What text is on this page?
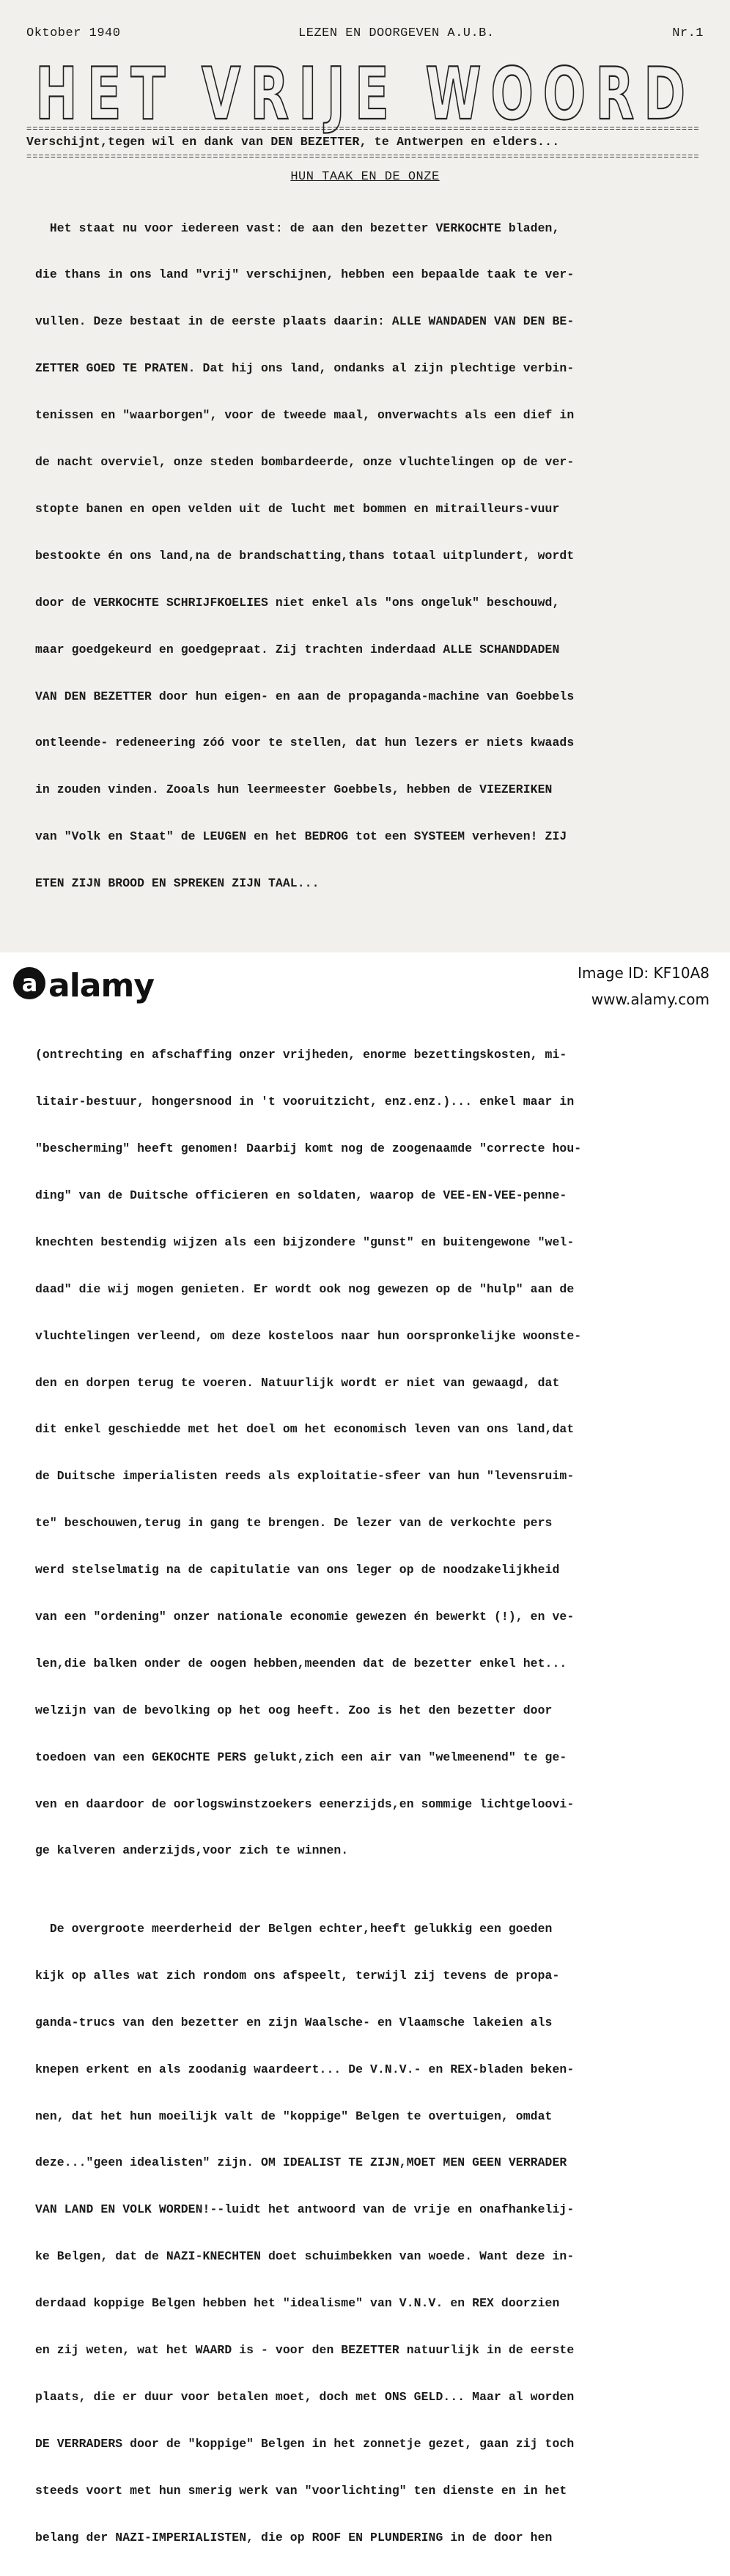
Oktober 1940	LEZEN EN DOORGEVEN A.U.B.	Nr.1
HET VRIJE WOORD
================================================================================================================
Verschijnt,tegen wil en dank van DEN BEZETTER, te Antwerpen en elders...
================================================================================================================
HUN TAAK EN DE ONZE

Het staat nu voor iedereen vast: de aan den bezetter VERKOCHTE bladen,

die thans in ons land "vrij" verschijnen, hebben een bepaalde taak te ver-

vullen. Deze bestaat in de eerste plaats daarin: ALLE WANDADEN VAN DEN BE-

ZETTER GOED TE PRATEN. Dat hij ons land, ondanks al zijn plechtige verbin-

tenissen en "waarborgen", voor de tweede maal, onverwachts als een dief in

de nacht overviel, onze steden bombardeerde, onze vluchtelingen op de ver-

stopte banen en open velden uit de lucht met bommen en mitrailleurs-vuur

bestookte én ons land,na de brandschatting,thans totaal uitplundert, wordt

door de VERKOCHTE SCHRIJFKOELIES niet enkel als "ons ongeluk" beschouwd,

maar goedgekeurd en goedgepraat. Zij trachten inderdaad ALLE SCHANDDADEN

VAN DEN BEZETTER door hun eigen- en aan de propaganda-machine van Goebbels

ontleende- redeneering zóó voor te stellen, dat hun lezers er niets kwaads

in zouden vinden. Zooals hun leermeester Goebbels, hebben de VIEZERIKEN

van "Volk en Staat" de LEUGEN en het BEDROG tot een SYSTEEM verheven! ZIJ

ETEN ZIJN BROOD EN SPREKEN ZIJN TAAL...

(ontrechting en afschaffing onzer vrijheden, enorme bezettingskosten, mi-

litair-bestuur, hongersnood in 't vooruitzicht, enz.enz.)... enkel maar in

"bescherming" heeft genomen! Daarbij komt nog de zoogenaamde "correcte hou-

ding" van de Duitsche officieren en soldaten, waarop de VEE-EN-VEE-penne-

knechten bestendig wijzen als een bijzondere "gunst" en buitengewone "wel-

daad" die wij mogen genieten. Er wordt ook nog gewezen op de "hulp" aan de

vluchtelingen verleend, om deze kosteloos naar hun oorspronkelijke woonste-

den en dorpen terug te voeren. Natuurlijk wordt er niet van gewaagd, dat

dit enkel geschiedde met het doel om het economisch leven van ons land,dat

de Duitsche imperialisten reeds als exploitatie-sfeer van hun "levensruim-

te" beschouwen,terug in gang te brengen. De lezer van de verkochte pers

werd stelselmatig na de capitulatie van ons leger op de noodzakelijkheid

van een "ordening" onzer nationale economie gewezen én bewerkt (!), en ve-

len,die balken onder de oogen hebben,meenden dat de bezetter enkel het...

welzijn van de bevolking op het oog heeft. Zoo is het den bezetter door

toedoen van een GEKOCHTE PERS gelukt,zich een air van "welmeenend" te ge-

ven en daardoor de oorlogswinstzoekers eenerzijds,en sommige lichtgeloovi-

ge kalveren anderzijds,voor zich te winnen.

De overgroote meerderheid der Belgen echter,heeft gelukkig een goeden

kijk op alles wat zich rondom ons afspeelt, terwijl zij tevens de propa-

ganda-trucs van den bezetter en zijn Waalsche- en Vlaamsche lakeien als

knepen erkent en als zoodanig waardeert... De V.N.V.- en REX-bladen beken-

nen, dat het hun moeilijk valt de "koppige" Belgen te overtuigen, omdat

deze..."geen idealisten" zijn. OM IDEALIST TE ZIJN,MOET MEN GEEN VERRADER

VAN LAND EN VOLK WORDEN!--luidt het antwoord van de vrije en onafhankelij-

ke Belgen, dat de NAZI-KNECHTEN doet schuimbekken van woede. Want deze in-

derdaad koppige Belgen hebben het "idealisme" van V.N.V. en REX doorzien

en zij weten, wat het WAARD is - voor den BEZETTER natuurlijk in de eerste

plaats, die er duur voor betalen moet, doch met ONS GELD... Maar al worden

DE VERRADERS door de "koppige" Belgen in het zonnetje gezet, gaan zij toch

steeds voort met hun smerig werk van "voorlichting" ten dienste en in het

belang der NAZI-IMPERIALISTEN, die op ROOF EN PLUNDERING in de door hen

a alamy	Image ID: KF10A8
www.alamy.com
